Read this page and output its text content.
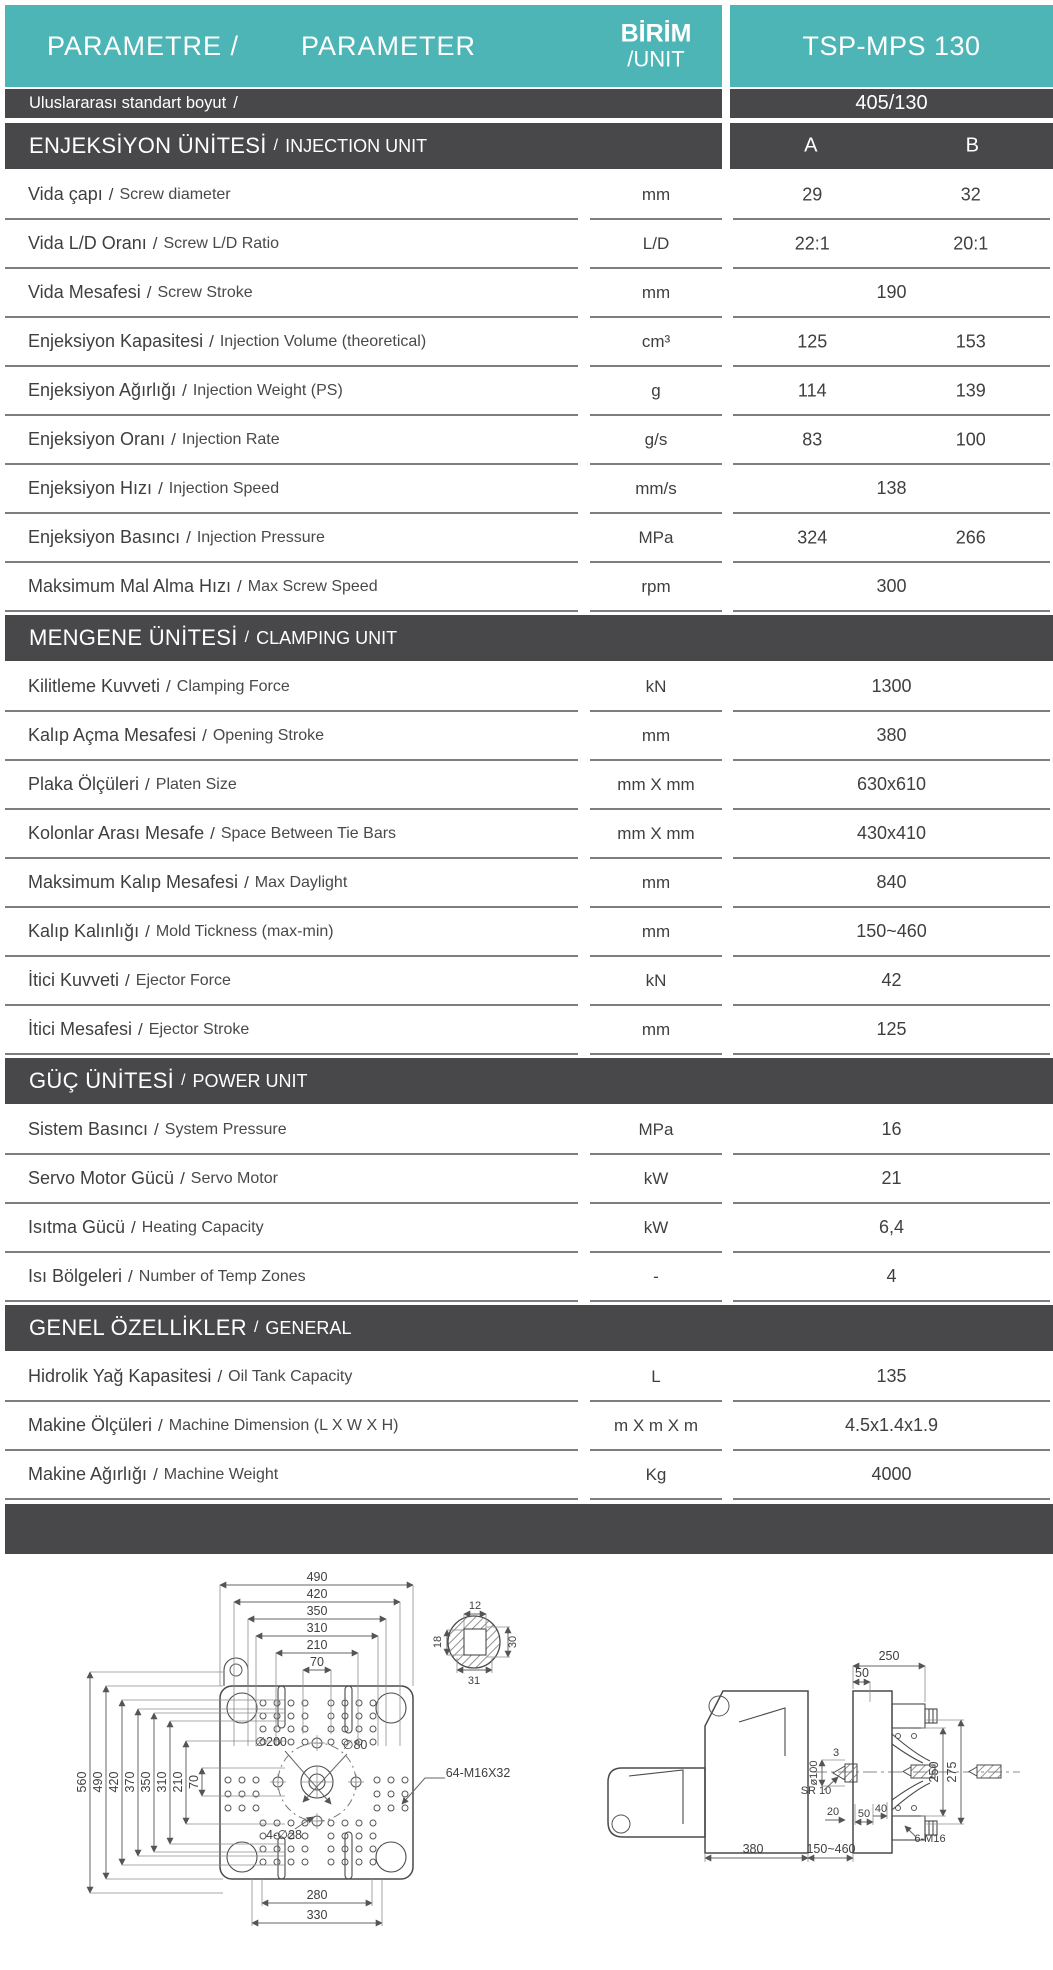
PARAMETRE / PARAMETER	BİRİM
/UNIT	TSP-MPS 130
Uluslararası standart boyut / international size rating	405/130
ENJEKSİYON ÜNİTESİ / INJECTION UNIT	A	B
Vida çapı / Screw diameter	mm	29	32
Vida L/D Oranı / Screw L/D Ratio	L/D	22:1	20:1
Vida Mesafesi / Screw Stroke	mm	190
Enjeksiyon Kapasitesi / Injection Volume (theoretical)	cm³	125	153
Enjeksiyon Ağırlığı / Injection Weight (PS)	g	114	139
Enjeksiyon Oranı / Injection Rate	g/s	83	100
Enjeksiyon Hızı / Injection Speed	mm/s	138
Enjeksiyon Basıncı / Injection Pressure	MPa	324	266
Maksimum Mal Alma Hızı / Max Screw Speed	rpm	300
MENGENE ÜNİTESİ / CLAMPING UNIT
Kilitleme Kuvveti / Clamping Force	kN	1300
Kalıp Açma Mesafesi / Opening Stroke	mm	380
Plaka Ölçüleri / Platen Size	mm X mm	630x610
Kolonlar Arası Mesafe / Space Between Tie Bars	mm X mm	430x410
Maksimum Kalıp Mesafesi / Max Daylight	mm	840
Kalıp Kalınlığı / Mold Tickness (max-min)	mm	150~460
İtici Kuvveti / Ejector Force	kN	42
İtici Mesafesi / Ejector Stroke	mm	125
GÜÇ ÜNİTESİ / POWER UNIT
Sistem Basıncı / System Pressure	MPa	16
Servo Motor Gücü / Servo Motor	kW	21
Isıtma Gücü / Heating Capacity	kW	6,4
Isı Bölgeleri / Number of Temp Zones	-	4
GENEL ÖZELLİKLER / GENERAL
Hidrolik Yağ Kapasitesi / Oil Tank Capacity	L	135
Makine Ölçüleri / Machine Dimension (L X W X H)	m X m X m	4.5x1.4x1.9
Makine Ağırlığı / Machine Weight	Kg	4000
∅200	∅80
4-∅28
64-M16X32
490
420
350
310
210
70
560 490 420 370 350 310 210 70
280
330
12
18	30
31
250
50
ø100
3
SR 10
20 50 40
250 275
380	150~460
6-M16
